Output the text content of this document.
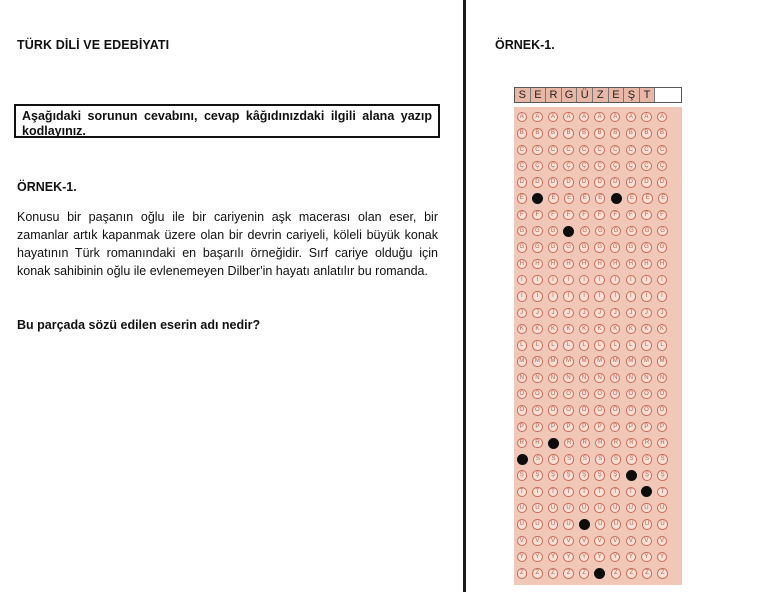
TÜRK DİLİ VE EDEBİYATI
Aşağıdaki sorunun cevabını, cevap kâğıdınızdaki ilgili alana yazıp kodlayınız.
ÖRNEK-1.
Konusu bir paşanın oğlu ile bir cariyenin aşk macerası olan eser, bir zamanlar artık kapanmak üzere olan bir devrin cariyeli, köleli büyük konak hayatının Türk romanındaki en başarılı örneğidir. Sırf cariye olduğu için konak sahibinin oğlu ile evlenemeyen Dilber'in hayatı anlatılır bu romanda.
Bu parçada sözü edilen eserin adı nedir?
ÖRNEK-1.
S E R G Ü Z E Ş T
A	A	A	A	A	A	A	A	A	A
B	B	B	B	B	B	B	B	B	B
C	C	C	C	C	C	C	C	C	C
Ç	Ç	Ç	Ç	Ç	Ç	Ç	Ç	Ç	Ç
D	D	D	D	D	D	D	D	D	D
E	E	E	E	E	E	E	E	E	E
F	F	F	F	F	F	F	F	F	F
G	G	G	G	G	G	G	G	G	G
Ğ	Ğ	Ğ	Ğ	Ğ	Ğ	Ğ	Ğ	Ğ	Ğ
H	H	H	H	H	H	H	H	H	H
I	I	I	I	I	I	I	I	I	I
İ	İ	İ	İ	İ	İ	İ	İ	İ	İ
J	J	J	J	J	J	J	J	J	J
K	K	K	K	K	K	K	K	K	K
L	L	L	L	L	L	L	L	L	L
M	M	M	M	M	M	M	M	M	M
N	N	N	N	N	N	N	N	N	N
O	O	O	O	O	O	O	O	O	O
Ö	Ö	Ö	Ö	Ö	Ö	Ö	Ö	Ö	Ö
P	P	P	P	P	P	P	P	P	P
R	R	R	R	R	R	R	R	R	R
S	S	S	S	S	S	S	S	S	S
Ş	Ş	Ş	Ş	Ş	Ş	Ş	Ş	Ş	Ş
T	T	T	T	T	T	T	T	T	T
U	U	U	U	U	U	U	U	U	U
Ü	Ü	Ü	Ü	Ü	Ü	Ü	Ü	Ü	Ü
V	V	V	V	V	V	V	V	V	V
Y	Y	Y	Y	Y	Y	Y	Y	Y	Y
Z	Z	Z	Z	Z	Z	Z	Z	Z	Z
